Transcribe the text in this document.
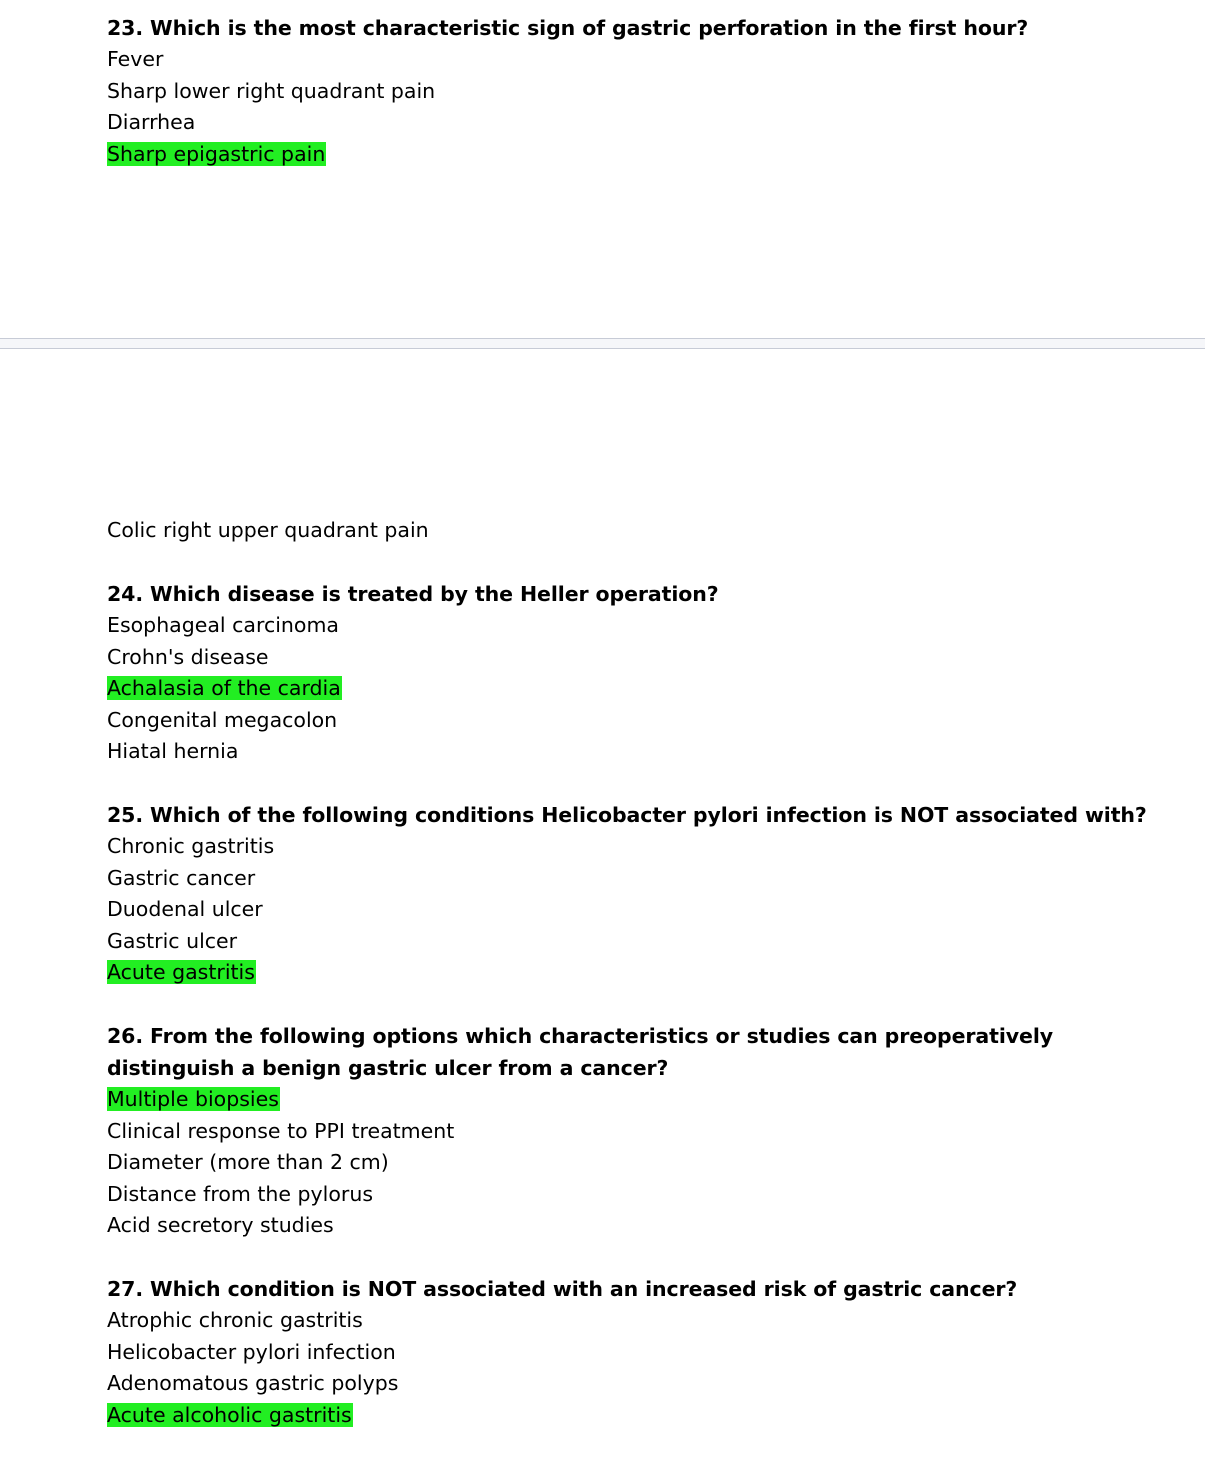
23. Which is the most characteristic sign of gastric perforation in the first hour?

Fever
Sharp lower right quadrant pain
Diarrhea
Sharp epigastric pain
Colic right upper quadrant pain

24. Which disease is treated by the Heller operation?

Esophageal carcinoma
Crohn's disease
Achalasia of the cardia
Congenital megacolon
Hiatal hernia

25. Which of the following conditions Helicobacter pylori infection is NOT associated with?

Chronic gastritis
Gastric cancer
Duodenal ulcer
Gastric ulcer
Acute gastritis

26. From the following options which characteristics or studies can preoperatively distinguish a benign gastric ulcer from a cancer?

Multiple biopsies
Clinical response to PPI treatment
Diameter (more than 2 cm)
Distance from the pylorus
Acid secretory studies

27. Which condition is NOT associated with an increased risk of gastric cancer?

Atrophic chronic gastritis
Helicobacter pylori infection
Adenomatous gastric polyps
Acute alcoholic gastritis
